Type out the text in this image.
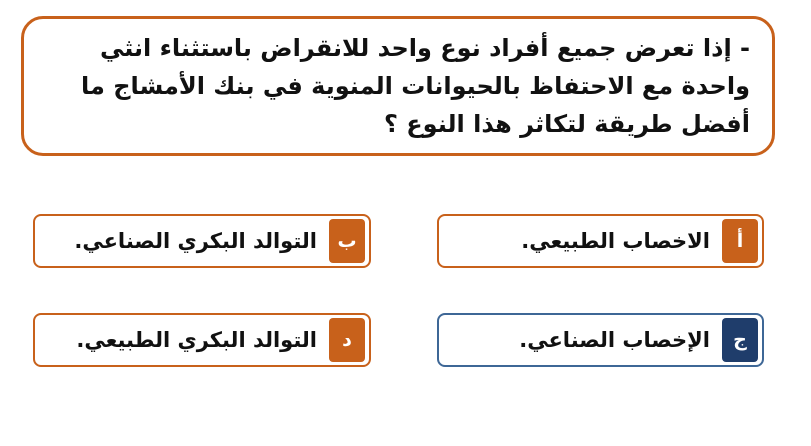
- إذا تعرض جميع أفراد نوع واحد للانقراض باستثناء انثي واحدة مع الاحتفاظ بالحيوانات المنوية في بنك الأمشاج ما أفضل طريقة لتكاثر هذا النوع ؟

أ
الاخصاب الطبيعي.
ب
التوالد البكري الصناعي.
ج
الإخصاب الصناعي.
د
التوالد البكري الطبيعي.
